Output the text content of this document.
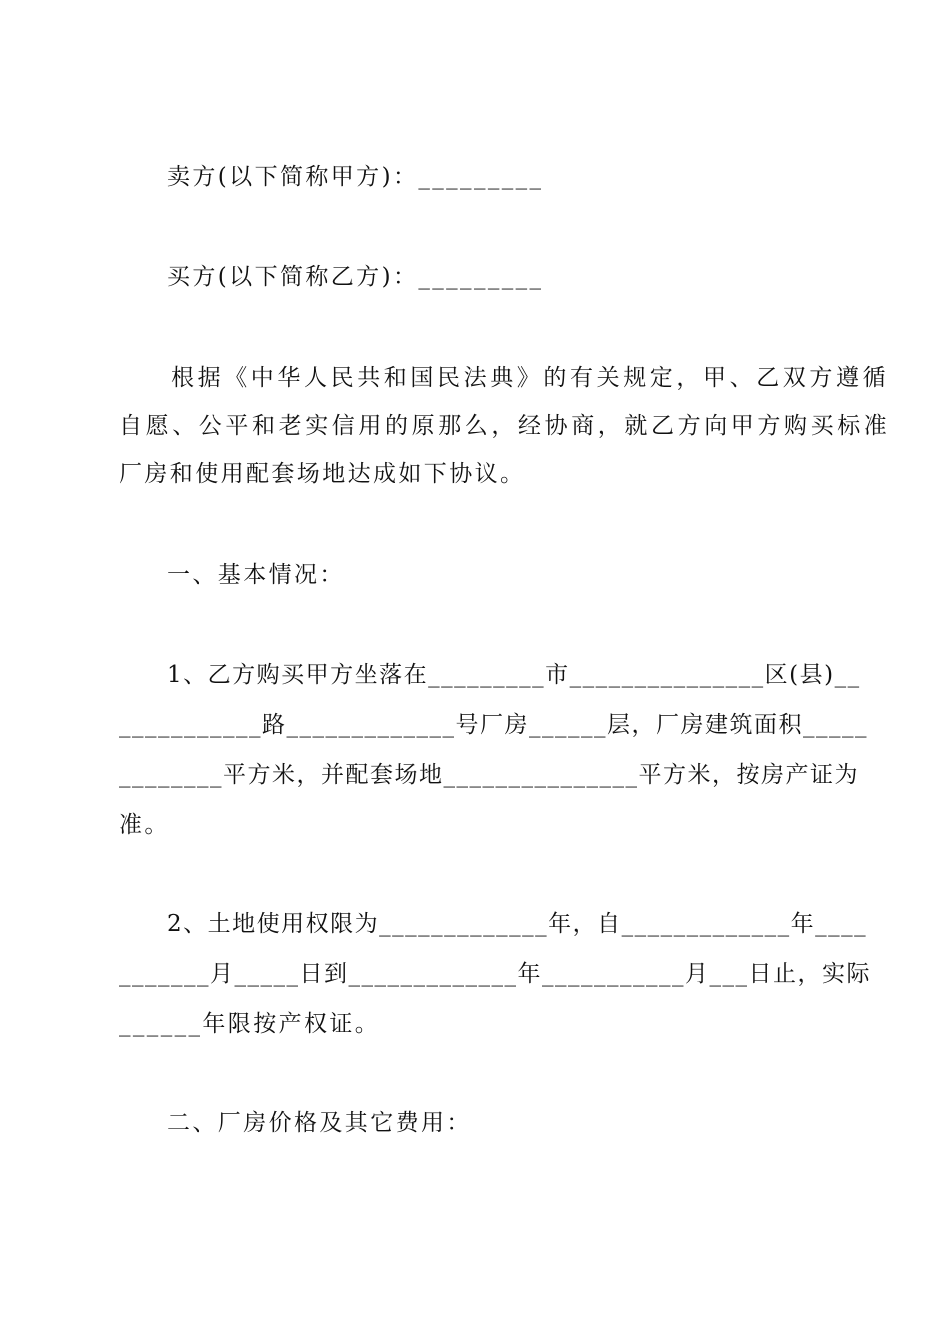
卖方(以下简称甲方)：_________

买方(以下简称乙方)：_________

根据《中华人民共和国民法典》的有关规定，甲、乙双方遵循

自愿、公平和老实信用的原那么，经协商，就乙方向甲方购买标准

厂房和使用配套场地达成如下协议。

一、基本情况：

1、乙方购买甲方坐落在_________市_______________区(县)__

___________路_____________号厂房______层，厂房建筑面积_____

________平方米，并配套场地_______________平方米，按房产证为

准。

2、土地使用权限为_____________年，自_____________年____

_______月_____日到_____________年___________月___日止，实际

______年限按产权证。

二、厂房价格及其它费用：
